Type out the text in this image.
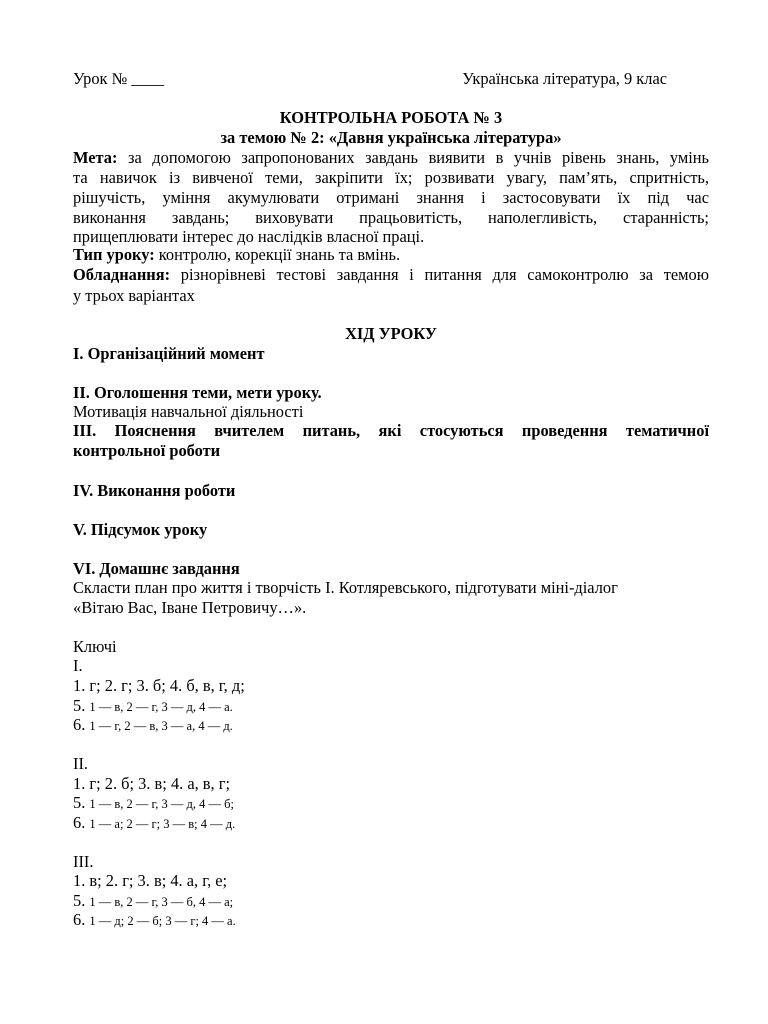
Урок № ____	Українська література, 9 клас
КОНТРОЛЬНА РОБОТА № 3
за темою № 2: «Давня українська література»
Мета: за допомогою запропонованих завдань виявити в учнів рівень знань, умінь
та навичок із вивченої теми, закріпити їх; розвивати увагу, пам’ять, спритність,
рішучість, уміння акумулювати отримані знання і застосовувати їх під час
виконання завдань; виховувати працьовитість, наполегливість, старанність;
прищеплювати інтерес до наслідків власної праці.
Тип уроку: контролю, корекції знань та вмінь.
Обладнання: різнорівневі тестові завдання і питання для самоконтролю за темою
у трьох варіантах
ХІД УРОКУ
І. Організаційний момент
ІІ. Оголошення теми, мети уроку.
Мотивація навчальної діяльності
ІІІ. Пояснення вчителем питань, які стосуються проведення тематичної
контрольної роботи
ІV. Виконання роботи
V. Підсумок уроку
VІ. Домашнє завдання
Скласти план про життя і творчість І. Котляревського, підготувати міні-діалог
«Вітаю Вас, Іване Петровичу…».
Ключі
І.
1. г; 2. г; 3. б; 4. б, в, г, д;
5. 1 — в, 2 — г, 3 — д, 4 — а.
6. 1 — г, 2 — в, 3 — а, 4 — д.
ІІ.
1. г; 2. б; 3. в; 4. а, в, г;
5. 1 — в, 2 — г, 3 — д, 4 — б;
6. 1 — а; 2 — г; 3 — в; 4 — д.
ІІІ.
1. в; 2. г; 3. в; 4. а, г, е;
5. 1 — в, 2 — г, 3 — б, 4 — а;
6. 1 — д; 2 — б; 3 — г; 4 — а.
